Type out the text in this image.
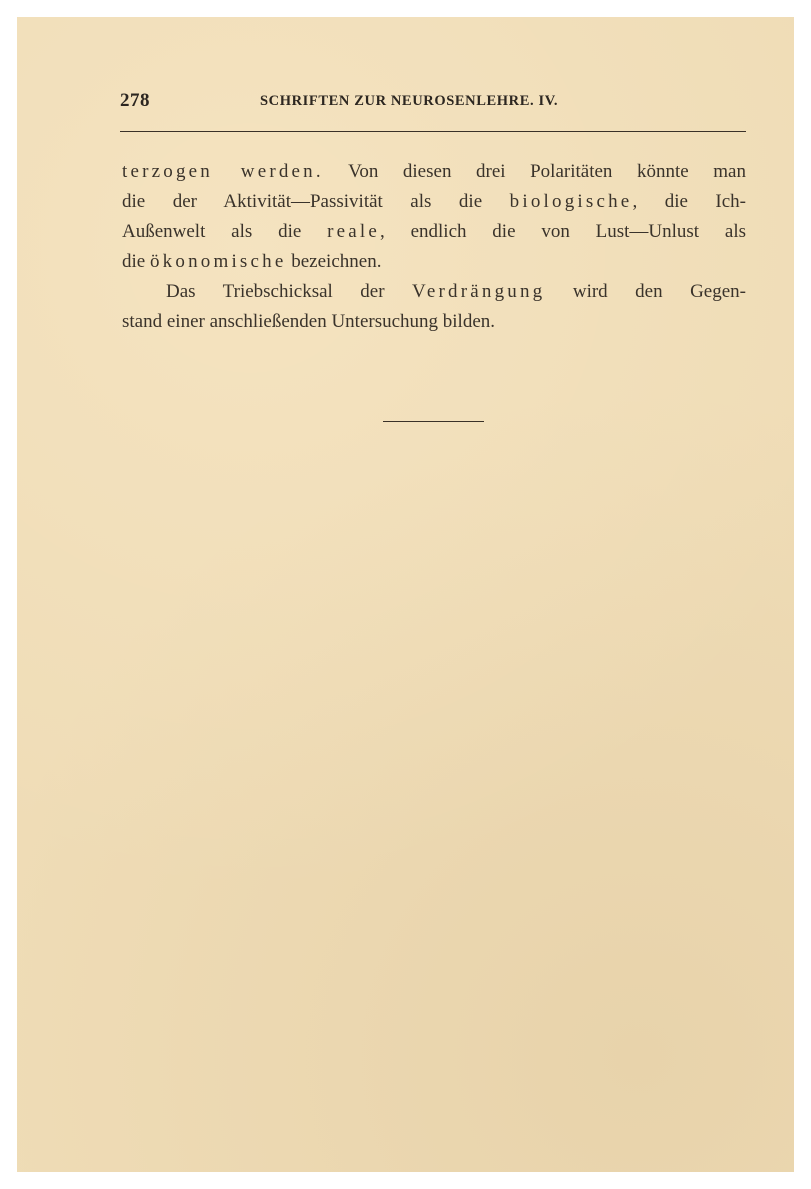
278	SCHRIFTEN ZUR NEUROSENLEHRE. IV.
terzogen werden. Von diesen drei Polaritäten könnte man
die der Aktivität—Passivität als die biologische, die Ich-
Außenwelt als die reale, endlich die von Lust—Unlust als
die ökonomische bezeichnen.
Das Triebschicksal der Verdrängung wird den Gegen-
stand einer anschließenden Untersuchung bilden.
